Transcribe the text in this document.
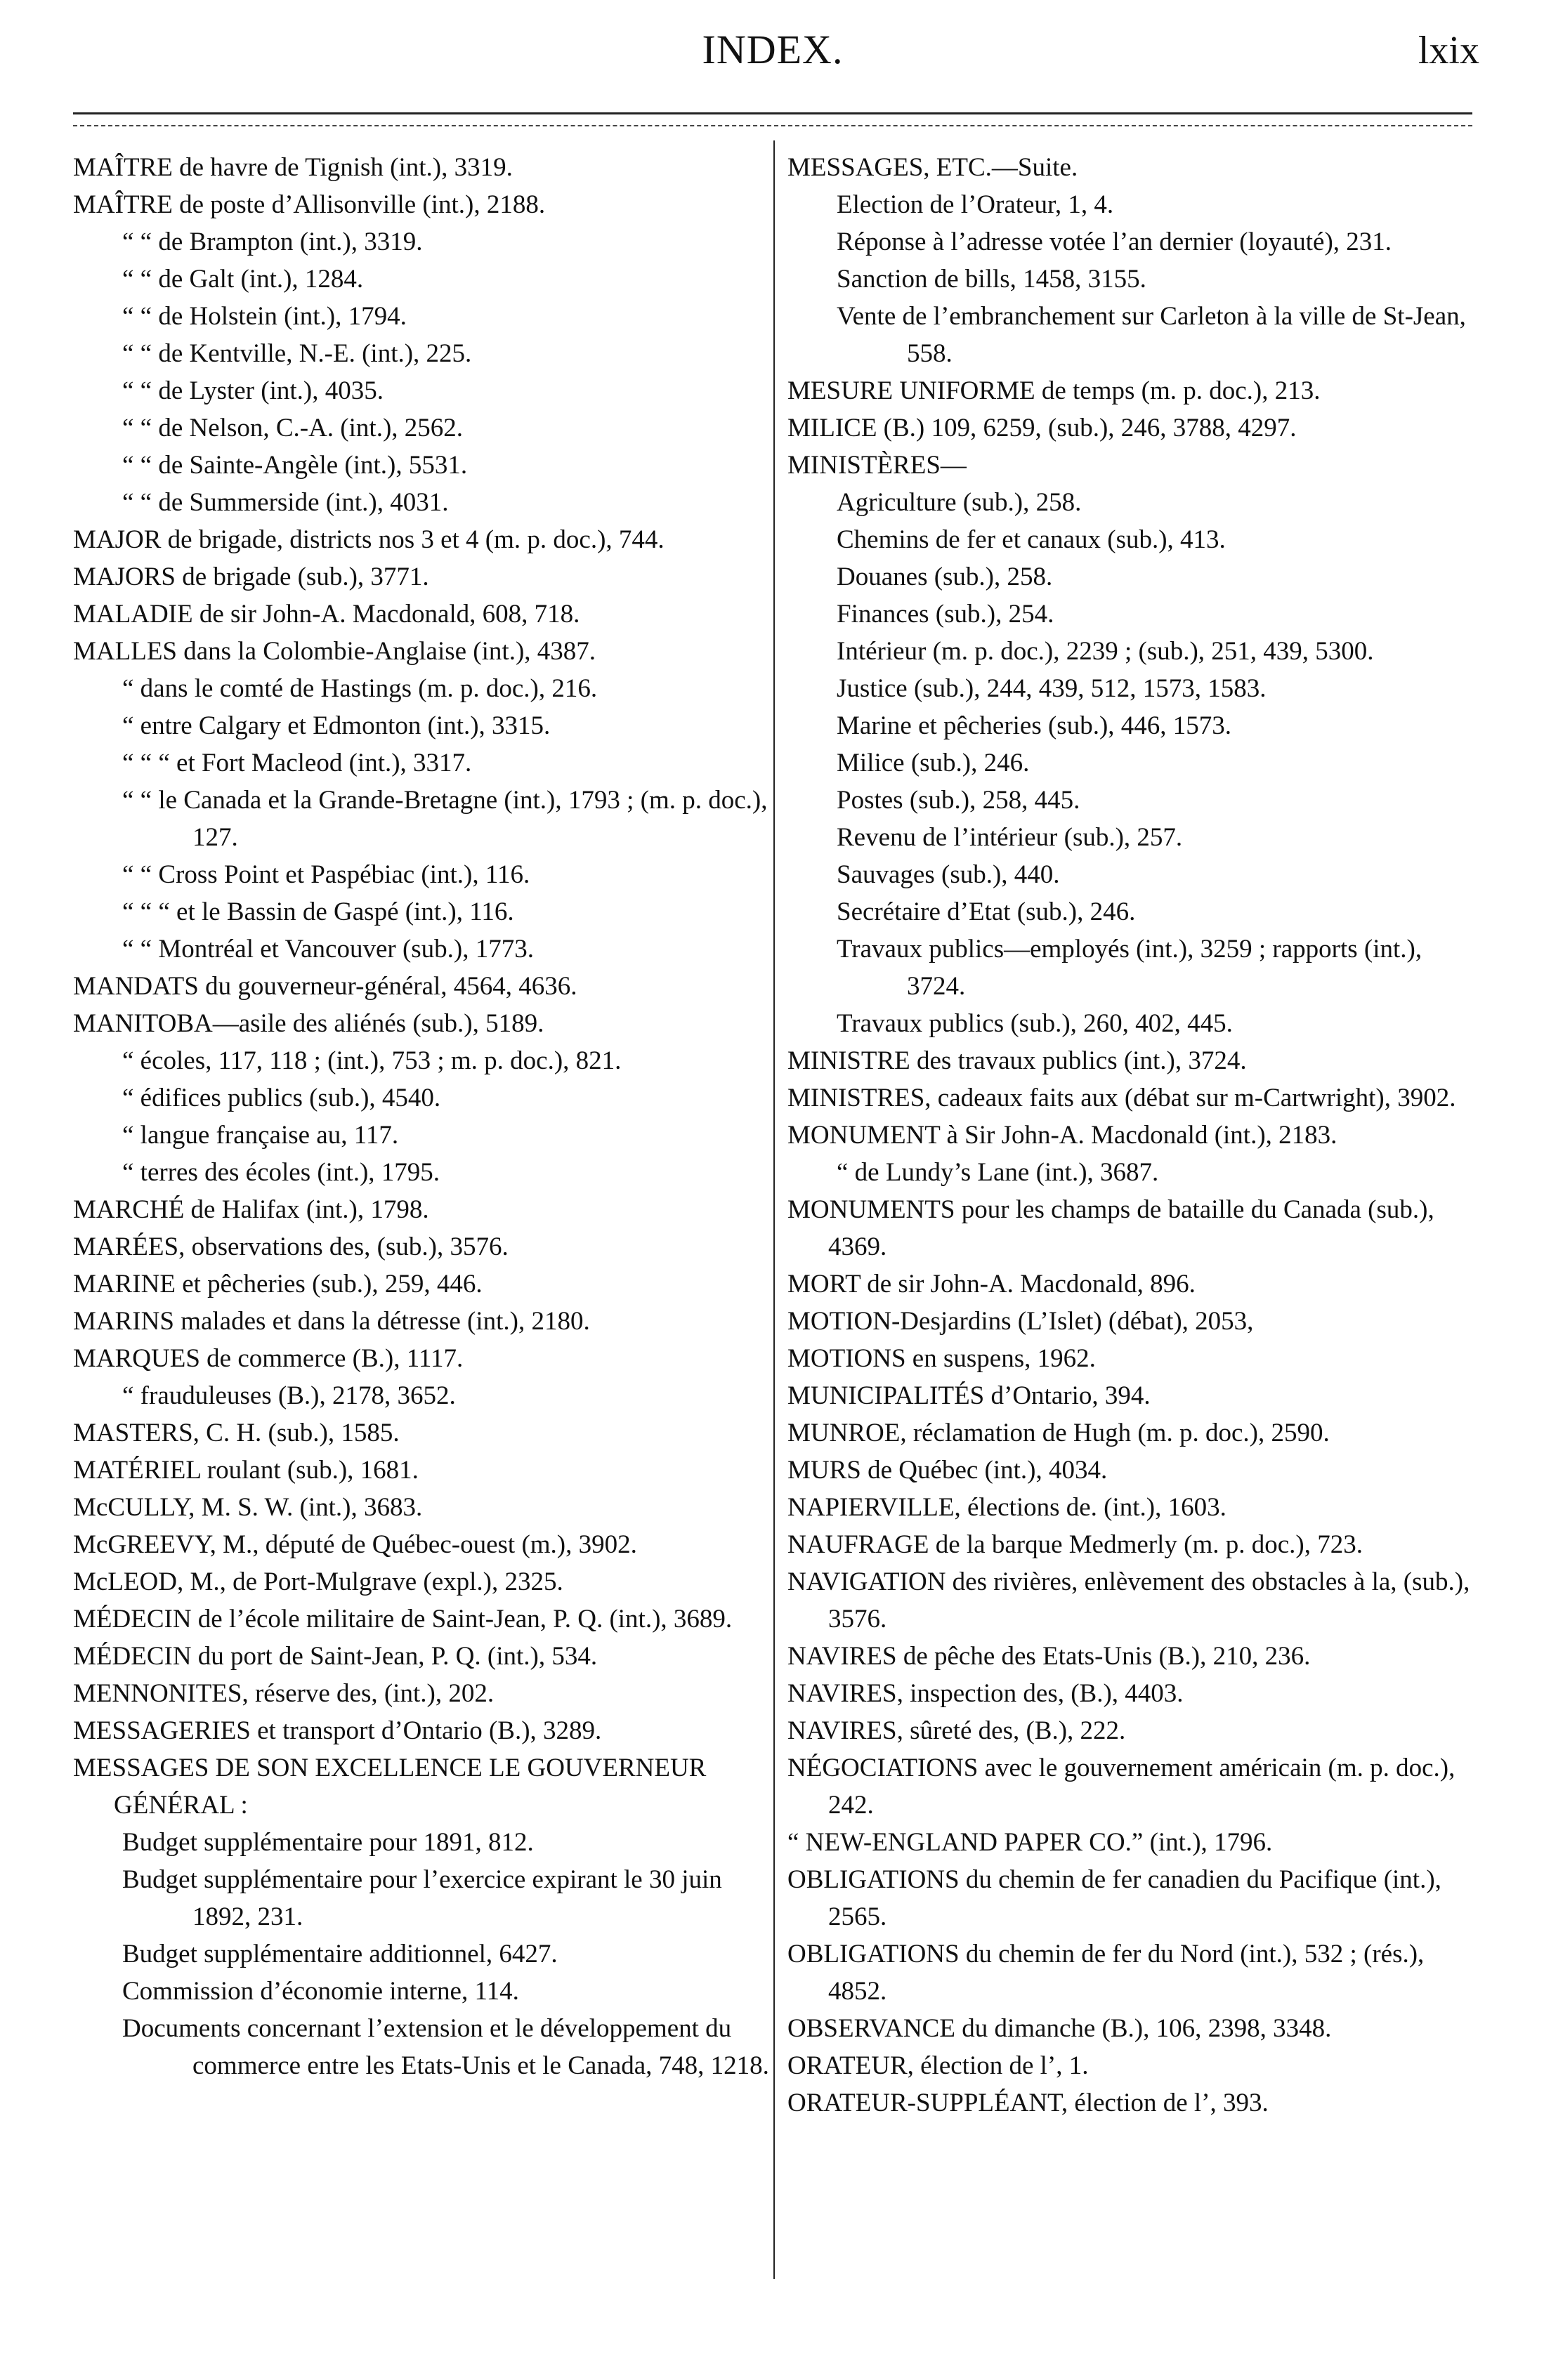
INDEX.	lxix
MAÎTRE de havre de Tignish (int.), 3319.
MAÎTRE de poste d’Allisonville (int.), 2188.
“ “ de Brampton (int.), 3319.
“ “ de Galt (int.), 1284.
“ “ de Holstein (int.), 1794.
“ “ de Kentville, N.-E. (int.), 225.
“ “ de Lyster (int.), 4035.
“ “ de Nelson, C.-A. (int.), 2562.
“ “ de Sainte-Angèle (int.), 5531.
“ “ de Summerside (int.), 4031.
MAJOR de brigade, districts nos 3 et 4 (m. p. doc.), 744.
MAJORS de brigade (sub.), 3771.
MALADIE de sir John-A. Macdonald, 608, 718.
MALLES dans la Colombie-Anglaise (int.), 4387.
“ dans le comté de Hastings (m. p. doc.), 216.
“ entre Calgary et Edmonton (int.), 3315.
“ “ “ et Fort Macleod (int.), 3317.
“ “ le Canada et la Grande-Bretagne (int.), 1793 ; (m. p. doc.), 127.
“ “ Cross Point et Paspébiac (int.), 116.
“ “ “ et le Bassin de Gaspé (int.), 116.
“ “ Montréal et Vancouver (sub.), 1773.
MANDATS du gouverneur-général, 4564, 4636.
MANITOBA—asile des aliénés (sub.), 5189.
“ écoles, 117, 118 ; (int.), 753 ; m. p. doc.), 821.
“ édifices publics (sub.), 4540.
“ langue française au, 117.
“ terres des écoles (int.), 1795.
MARCHÉ de Halifax (int.), 1798.
MARÉES, observations des, (sub.), 3576.
MARINE et pêcheries (sub.), 259, 446.
MARINS malades et dans la détresse (int.), 2180.
MARQUES de commerce (B.), 1117.
“ frauduleuses (B.), 2178, 3652.
MASTERS, C. H. (sub.), 1585.
MATÉRIEL roulant (sub.), 1681.
McCULLY, M. S. W. (int.), 3683.
McGREEVY, M., député de Québec-ouest (m.), 3902.
McLEOD, M., de Port-Mulgrave (expl.), 2325.
MÉDECIN de l’école militaire de Saint-Jean, P. Q. (int.), 3689.
MÉDECIN du port de Saint-Jean, P. Q. (int.), 534.
MENNONITES, réserve des, (int.), 202.
MESSAGERIES et transport d’Ontario (B.), 3289.
MESSAGES DE SON EXCELLENCE LE GOUVERNEUR GÉNÉRAL :
Budget supplémentaire pour 1891, 812.
Budget supplémentaire pour l’exercice expirant le 30 juin 1892, 231.
Budget supplémentaire additionnel, 6427.
Commission d’économie interne, 114.
Documents concernant l’extension et le développement du commerce entre les Etats-Unis et le Canada, 748, 1218.
MESSAGES, ETC.—Suite.
Election de l’Orateur, 1, 4.
Réponse à l’adresse votée l’an dernier (loyauté), 231.
Sanction de bills, 1458, 3155.
Vente de l’embranchement sur Carleton à la ville de St-Jean, 558.
MESURE UNIFORME de temps (m. p. doc.), 213.
MILICE (B.) 109, 6259, (sub.), 246, 3788, 4297.
MINISTÈRES—
Agriculture (sub.), 258.
Chemins de fer et canaux (sub.), 413.
Douanes (sub.), 258.
Finances (sub.), 254.
Intérieur (m. p. doc.), 2239 ; (sub.), 251, 439, 5300.
Justice (sub.), 244, 439, 512, 1573, 1583.
Marine et pêcheries (sub.), 446, 1573.
Milice (sub.), 246.
Postes (sub.), 258, 445.
Revenu de l’intérieur (sub.), 257.
Sauvages (sub.), 440.
Secrétaire d’Etat (sub.), 246.
Travaux publics—employés (int.), 3259 ; rapports (int.), 3724.
Travaux publics (sub.), 260, 402, 445.
MINISTRE des travaux publics (int.), 3724.
MINISTRES, cadeaux faits aux (débat sur m-Cartwright), 3902.
MONUMENT à Sir John-A. Macdonald (int.), 2183.
“ de Lundy’s Lane (int.), 3687.
MONUMENTS pour les champs de bataille du Canada (sub.), 4369.
MORT de sir John-A. Macdonald, 896.
MOTION-Desjardins (L’Islet) (débat), 2053,
MOTIONS en suspens, 1962.
MUNICIPALITÉS d’Ontario, 394.
MUNROE, réclamation de Hugh (m. p. doc.), 2590.
MURS de Québec (int.), 4034.
NAPIERVILLE, élections de. (int.), 1603.
NAUFRAGE de la barque Medmerly (m. p. doc.), 723.
NAVIGATION des rivières, enlèvement des obstacles à la, (sub.), 3576.
NAVIRES de pêche des Etats-Unis (B.), 210, 236.
NAVIRES, inspection des, (B.), 4403.
NAVIRES, sûreté des, (B.), 222.
NÉGOCIATIONS avec le gouvernement américain (m. p. doc.), 242.
“ NEW-ENGLAND PAPER CO.” (int.), 1796.
OBLIGATIONS du chemin de fer canadien du Pacifique (int.), 2565.
OBLIGATIONS du chemin de fer du Nord (int.), 532 ; (rés.), 4852.
OBSERVANCE du dimanche (B.), 106, 2398, 3348.
ORATEUR, élection de l’, 1.
ORATEUR-SUPPLÉANT, élection de l’, 393.
